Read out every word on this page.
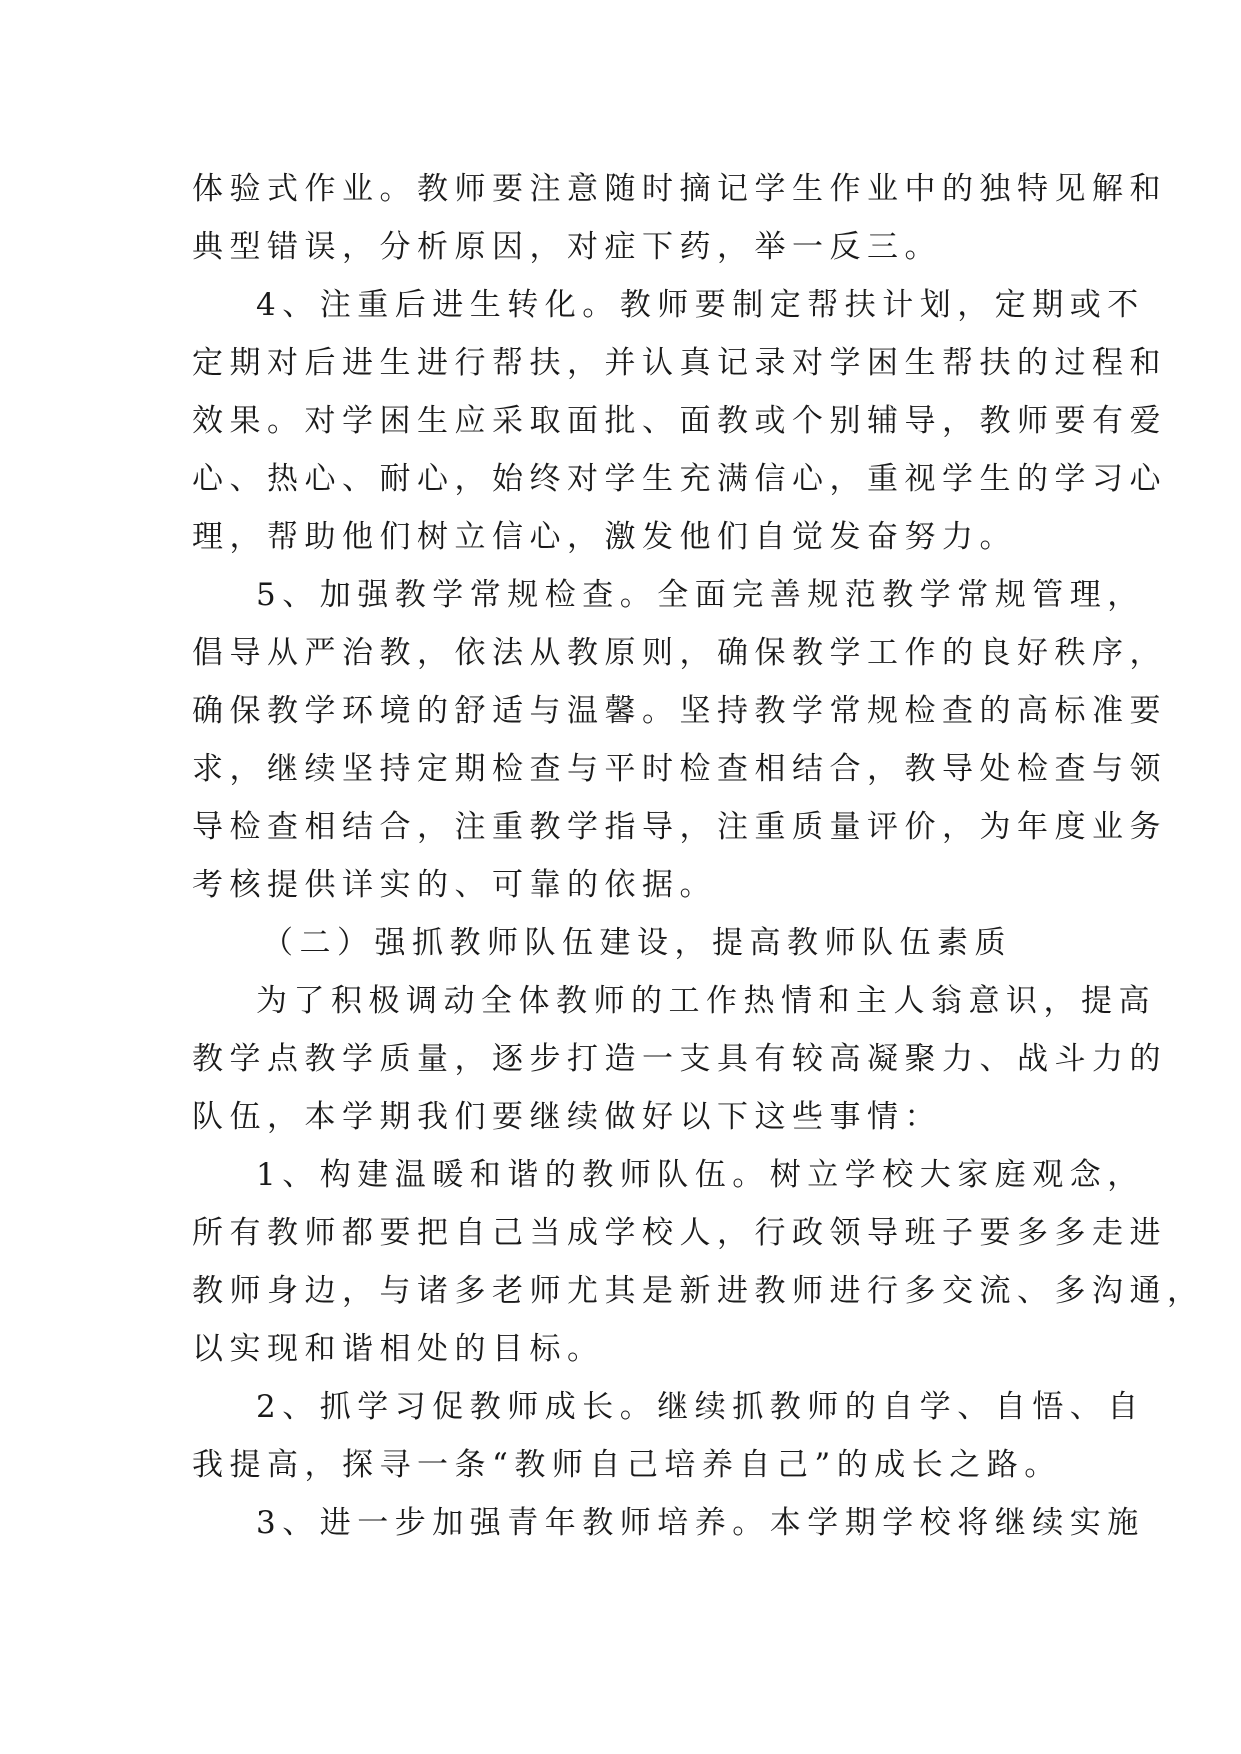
体验式作业。教师要注意随时摘记学生作业中的独特见解和
典型错误，分析原因，对症下药，举一反三。
4、注重后进生转化。教师要制定帮扶计划，定期或不
定期对后进生进行帮扶，并认真记录对学困生帮扶的过程和
效果。对学困生应采取面批、面教或个别辅导，教师要有爱
心、热心、耐心，始终对学生充满信心，重视学生的学习心
理，帮助他们树立信心，激发他们自觉发奋努力。
5、加强教学常规检查。全面完善规范教学常规管理，
倡导从严治教，依法从教原则，确保教学工作的良好秩序，
确保教学环境的舒适与温馨。坚持教学常规检查的高标准要
求，继续坚持定期检查与平时检查相结合，教导处检查与领
导检查相结合，注重教学指导，注重质量评价，为年度业务
考核提供详实的、可靠的依据。
（二）强抓教师队伍建设，提高教师队伍素质
为了积极调动全体教师的工作热情和主人翁意识，提高
教学点教学质量，逐步打造一支具有较高凝聚力、战斗力的
队伍，本学期我们要继续做好以下这些事情：
1、构建温暖和谐的教师队伍。树立学校大家庭观念，
所有教师都要把自己当成学校人，行政领导班子要多多走进
教师身边，与诸多老师尤其是新进教师进行多交流、多沟通，
以实现和谐相处的目标。
2、抓学习促教师成长。继续抓教师的自学、自悟、自
我提高，探寻一条“教师自己培养自己”的成长之路。
3、进一步加强青年教师培养。本学期学校将继续实施
